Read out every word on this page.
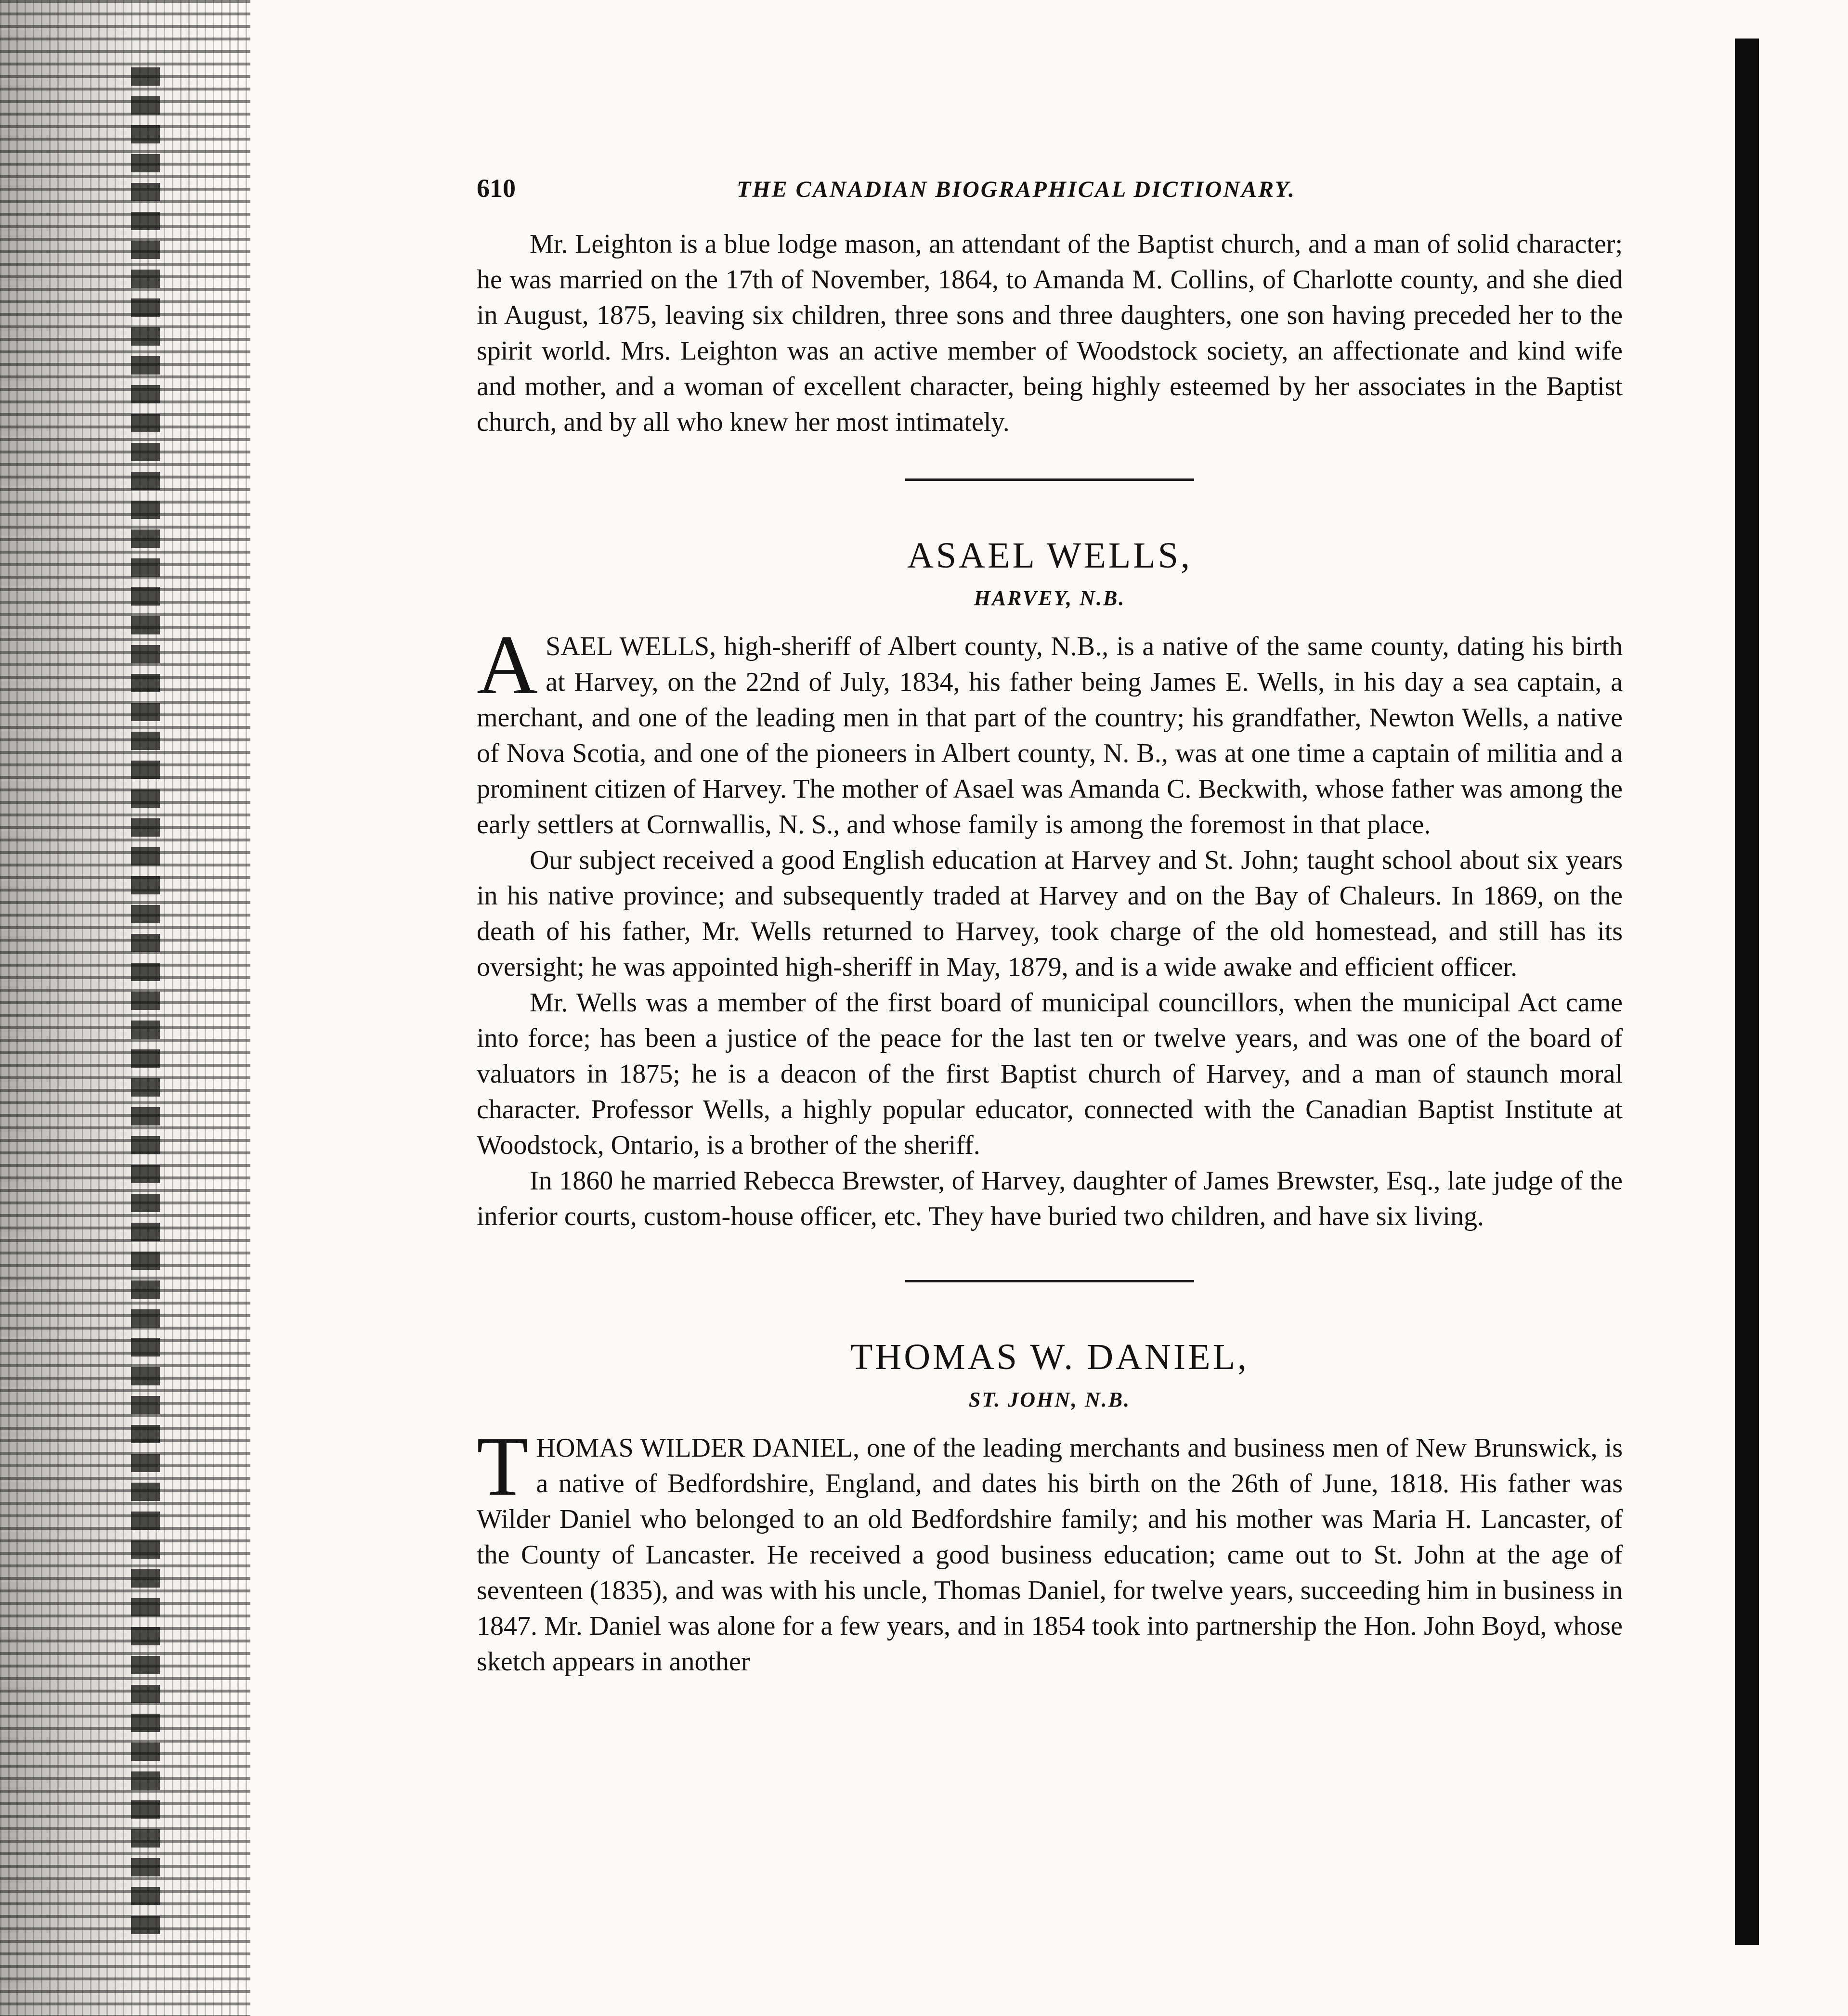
610	THE CANADIAN BIOGRAPHICAL DICTIONARY.

Mr. Leighton is a blue lodge mason, an attendant of the Baptist church, and a man of solid character; he was married on the 17th of November, 1864, to Amanda M. Collins, of Charlotte county, and she died in August, 1875, leaving six children, three sons and three daughters, one son having preceded her to the spirit world. Mrs. Leighton was an active member of Woodstock society, an affectionate and kind wife and mother, and a woman of excellent character, being highly esteemed by her associates in the Baptist church, and by all who knew her most intimately.

ASAEL WELLS,
HARVEY, N.B.

ASAEL WELLS, high-sheriff of Albert county, N.B., is a native of the same county, dating his birth at Harvey, on the 22nd of July, 1834, his father being James E. Wells, in his day a sea captain, a merchant, and one of the leading men in that part of the country; his grandfather, Newton Wells, a native of Nova Scotia, and one of the pioneers in Albert county, N. B., was at one time a captain of militia and a prominent citizen of Harvey. The mother of Asael was Amanda C. Beckwith, whose father was among the early settlers at Cornwallis, N. S., and whose family is among the foremost in that place.

Our subject received a good English education at Harvey and St. John; taught school about six years in his native province; and subsequently traded at Harvey and on the Bay of Chaleurs. In 1869, on the death of his father, Mr. Wells returned to Harvey, took charge of the old homestead, and still has its oversight; he was appointed high-sheriff in May, 1879, and is a wide awake and efficient officer.

Mr. Wells was a member of the first board of municipal councillors, when the municipal Act came into force; has been a justice of the peace for the last ten or twelve years, and was one of the board of valuators in 1875; he is a deacon of the first Baptist church of Harvey, and a man of staunch moral character. Professor Wells, a highly popular educator, connected with the Canadian Baptist Institute at Woodstock, Ontario, is a brother of the sheriff.

In 1860 he married Rebecca Brewster, of Harvey, daughter of James Brewster, Esq., late judge of the inferior courts, custom-house officer, etc. They have buried two children, and have six living.

THOMAS W. DANIEL,
ST. JOHN, N.B.

THOMAS WILDER DANIEL, one of the leading merchants and business men of New Brunswick, is a native of Bedfordshire, England, and dates his birth on the 26th of June, 1818. His father was Wilder Daniel who belonged to an old Bedfordshire family; and his mother was Maria H. Lancaster, of the County of Lancaster. He received a good business education; came out to St. John at the age of seventeen (1835), and was with his uncle, Thomas Daniel, for twelve years, succeeding him in business in 1847. Mr. Daniel was alone for a few years, and in 1854 took into partnership the Hon. John Boyd, whose sketch appears in another
